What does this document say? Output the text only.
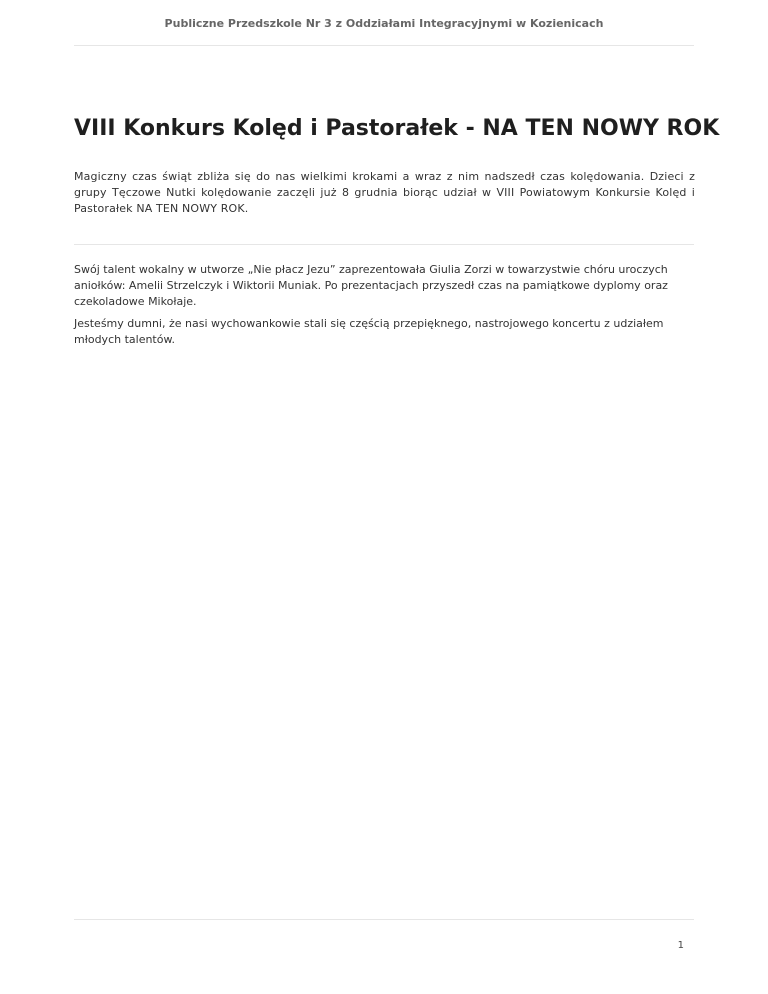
Publiczne Przedszkole Nr 3 z Oddziałami Integracyjnymi w Kozienicach
VIII Konkurs Kolęd i Pastorałek - NA TEN NOWY ROK

Magiczny czas świąt zbliża się do nas wielkimi krokami a wraz z nim nadszedł czas kolędowania. Dzieci z grupy Tęczowe Nutki kolędowanie zaczęli już 8 grudnia biorąc udział w VIII Powiatowym Konkursie Kolęd i Pastorałek NA TEN NOWY ROK.

Swój talent wokalny w utworze „Nie płacz Jezu” zaprezentowała Giulia Zorzi w towarzystwie chóru uroczych aniołków: Amelii Strzelczyk i Wiktorii Muniak. Po prezentacjach przyszedł czas na pamiątkowe dyplomy oraz czekoladowe Mikołaje.

Jesteśmy dumni, że nasi wychowankowie stali się częścią przepięknego, nastrojowego koncertu z udziałem młodych talentów.

1
